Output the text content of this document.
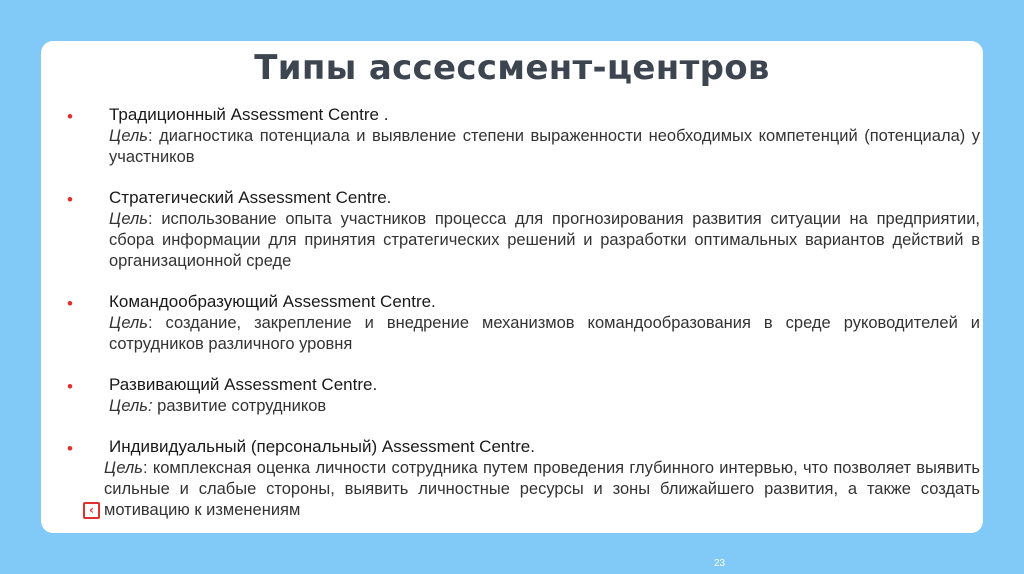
Типы ассессмент-центров
• Традиционный Assessment Centre .

Цель: диагностика потенциала и выявление степени выраженности необходимых компетенций (потенциала) у участников

• Стратегический Assessment Centre.

Цель: использование опыта участников процесса для прогнозирования развития ситуации на предприятии, сбора информации для принятия стратегических решений и разработки оптимальных вариантов действий в организационной среде

• Командообразующий Assessment Centre.

Цель: создание, закрепление и внедрение механизмов командообразования в среде руководителей и сотрудников различного уровня

• Развивающий Assessment Centre.

Цель: развитие сотрудников

• Индивидуальный (персональный) Assessment Centre.

Цель: комплексная оценка личности сотрудника путем проведения глубинного интервью, что позволяет выявить сильные и слабые стороны, выявить личностные ресурсы и зоны ближайшего развития, а также создать мотивацию к изменениям

‹
23
